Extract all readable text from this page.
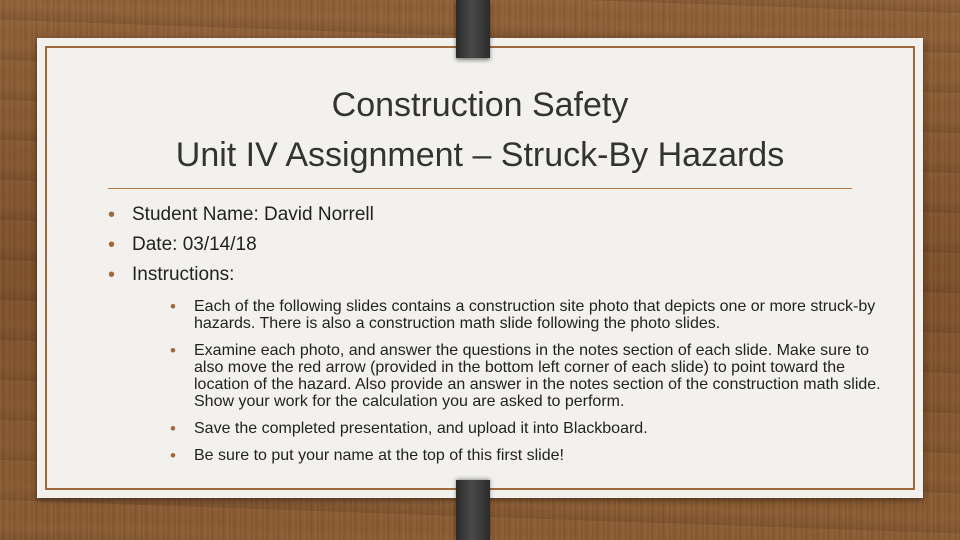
Construction Safety
Unit IV Assignment – Struck-By Hazards
• Student Name: David Norrell
• Date: 03/14/18
• Instructions:
• Each of the following slides contains a construction site photo that depicts one or more struck-by hazards. There is also a construction math slide following the photo slides.
• Examine each photo, and answer the questions in the notes section of each slide. Make sure to also move the red arrow (provided in the bottom left corner of each slide) to point toward the location of the hazard. Also provide an answer in the notes section of the construction math slide. Show your work for the calculation you are asked to perform.
• Save the completed presentation, and upload it into Blackboard.
• Be sure to put your name at the top of this first slide!
